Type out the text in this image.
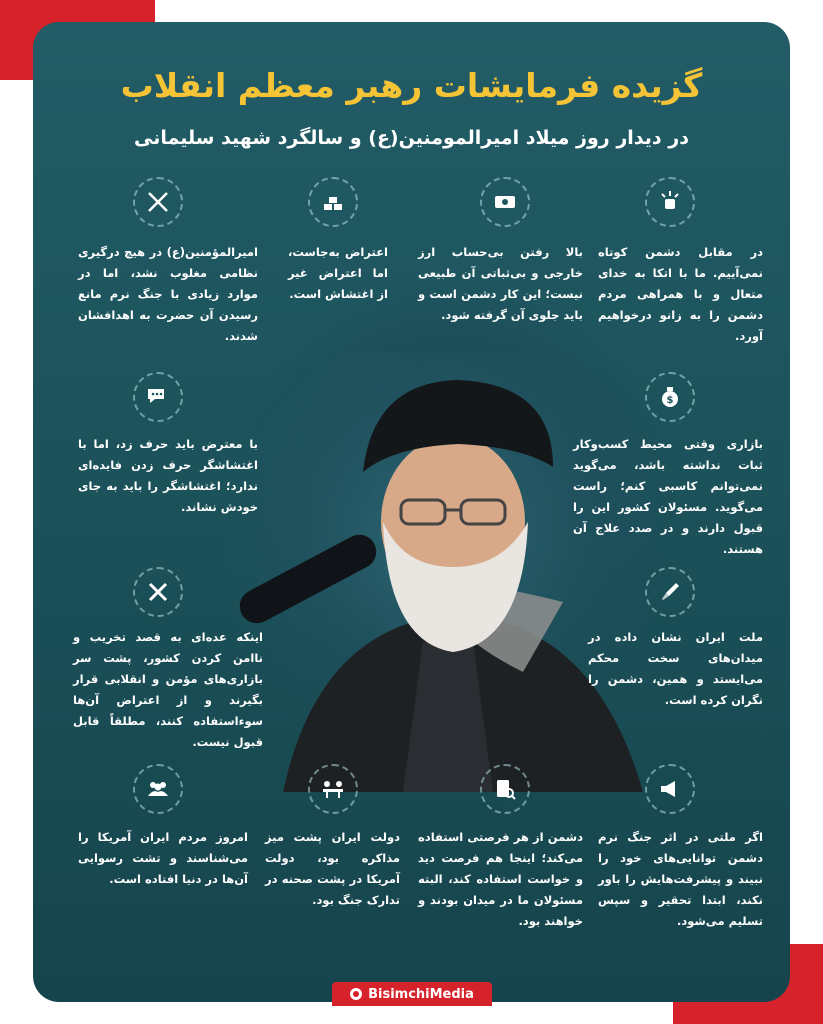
گزیده فرمایشات رهبر معظم انقلاب
در دیدار روز میلاد امیرالمومنین(ع) و سالگرد شهید سلیمانی
در مقابل دشمن کوتاه نمی‌آییم. ما با اتکا به خدای متعال و با همراهی مردم دشمن را به زانو درخواهیم آورد.
بالا رفتن بی‌حساب ارز خارجی و بی‌ثباتی آن طبیعی نیست؛ این کار دشمن است و باید جلوی آن گرفته شود.
اعتراض به‌جاست، اما اعتراض غیر از اغتشاش است.
امیرالمؤمنین(ع) در هیچ درگیری نظامی مغلوب نشد، اما در موارد زیادی با جنگ نرم مانع رسیدن آن حضرت به اهدافشان شدند.
$
با معترض باید حرف زد، اما با اغتشاشگر حرف زدن فایده‌ای ندارد؛ اغتشاشگر را باید به جای خودش نشاند.
بازاری وقتی محیط کسب‌وکار ثبات نداشته باشد، می‌گوید نمی‌توانم کاسبی کنم؛ راست می‌گوید. مسئولان کشور این را قبول دارند و در صدد علاج آن هستند.
اینکه عده‌ای به قصد تخریب و ناامن کردن کشور، پشت سر بازاری‌های مؤمن و انقلابی قرار بگیرند و از اعتراض آن‌ها سوءاستفاده کنند، مطلقاً قابل قبول نیست.
ملت ایران نشان داده در میدان‌های سخت محکم می‌ایستد و همین، دشمن را نگران کرده است.
اگر ملتی در اثر جنگ نرم دشمن توانایی‌های خود را نبیند و پیشرفت‌هایش را باور نکند، ابتدا تحقیر و سپس تسلیم می‌شود.
دشمن از هر فرصتی استفاده می‌کند؛ اینجا هم فرصت دید و خواست استفاده کند، البته مسئولان ما در میدان بودند و خواهند بود.
دولت ایران پشت میز مذاکره بود، دولت آمریکا در پشت صحنه در تدارک جنگ بود.
امروز مردم ایران آمریکا را می‌شناسند و تشت رسوایی آن‌ها در دنیا افتاده است.
BisimchiMedia
